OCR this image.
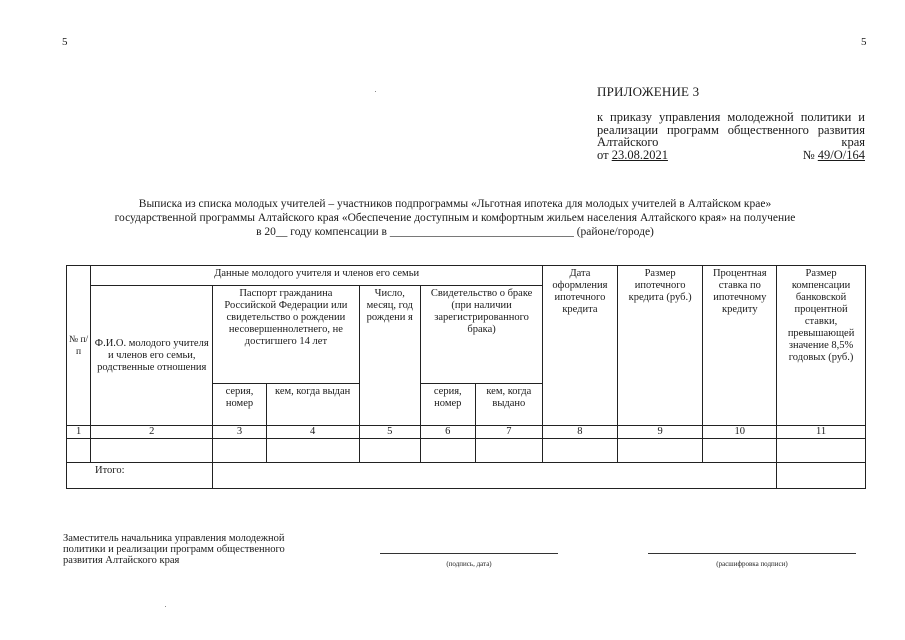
5	5
ПРИЛОЖЕНИЕ 3
к приказу управления молодежной политики и реализации программ общественного развития Алтайского края
от 23.08.2021	№ 49/О/164
Выписка из списка молодых учителей – участников подпрограммы «Льготная ипотека для молодых учителей в Алтайском крае»
государственной программы Алтайского края «Обеспечение доступным и комфортным жильем населения Алтайского края» на получение
в 20__ году компенсации в ________________________________ (районе/городе)
№ п/п	Данные молодого учителя и членов его семьи						Дата оформления ипотечного кредита	Размер ипотечного кредита (руб.)	Процентная ставка по ипотечному кредиту	Размер компенсации банковской процентной ставки, превышающей значение 8,5% годовых (руб.)
	Ф.И.О. молодого учителя и членов его семьи, родственные отношения	Паспорт гражданина Российской Федерации или свидетельство о рождении несовершеннолетнего, не достигшего 14 лет		Число, месяц, год рождени я	Свидетельство о браке (при наличии зарегистрированного брака)					
		серия, номер	кем, когда выдан		серия, номер	кем, когда выдано				
1	2	3	4	5	6	7	8	9	10	11

Итого:										
Заместитель начальника управления молодежной политики и реализации программ общественного развития Алтайского края	(подпись, дата)	(расшифровка подписи)
